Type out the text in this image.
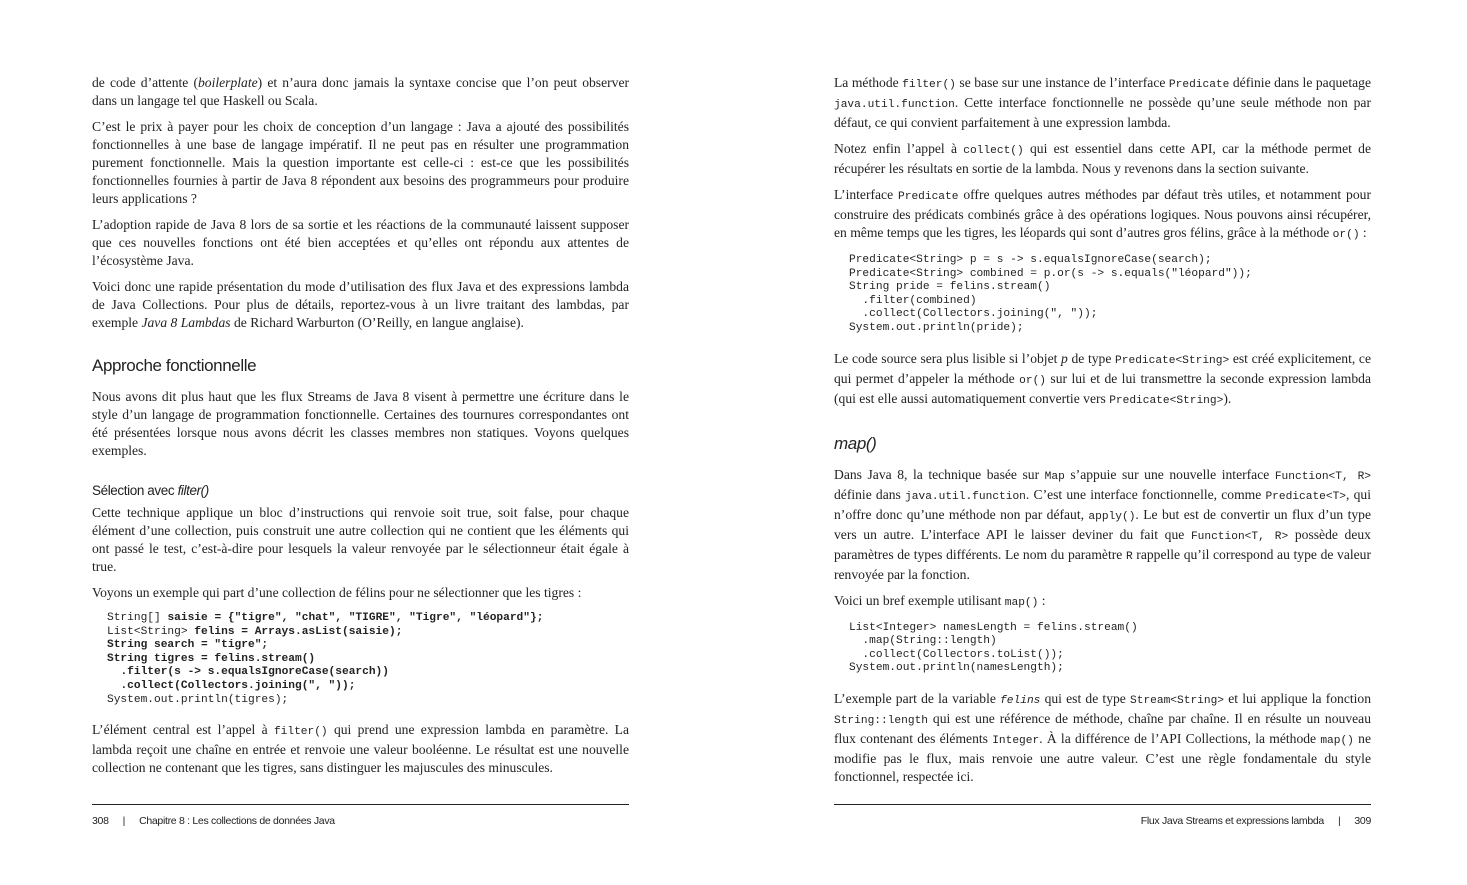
de code d’attente (boilerplate) et n’aura donc jamais la syntaxe concise que l’on peut observer dans un langage tel que Haskell ou Scala.

C’est le prix à payer pour les choix de conception d’un langage : Java a ajouté des possibilités fonctionnelles à une base de langage impératif. Il ne peut pas en résulter une programmation purement fonctionnelle. Mais la question importante est celle-ci : est-ce que les possibilités fonctionnelles fournies à partir de Java 8 répondent aux besoins des programmeurs pour produire leurs applications ?

L’adoption rapide de Java 8 lors de sa sortie et les réactions de la communauté laissent supposer que ces nouvelles fonctions ont été bien acceptées et qu’elles ont répondu aux attentes de l’écosystème Java.

Voici donc une rapide présentation du mode d’utilisation des flux Java et des expressions lambda de Java Collections. Pour plus de détails, reportez-vous à un livre traitant des lambdas, par exemple Java 8 Lambdas de Richard Warburton (O’Reilly, en langue anglaise).

Approche fonctionnelle

Nous avons dit plus haut que les flux Streams de Java 8 visent à permettre une écriture dans le style d’un langage de programmation fonctionnelle. Certaines des tournures correspondantes ont été présentées lorsque nous avons décrit les classes membres non statiques. Voyons quelques exemples.

Sélection avec filter()

Cette technique applique un bloc d’instructions qui renvoie soit true, soit false, pour chaque élément d’une collection, puis construit une autre collection qui ne contient que les éléments qui ont passé le test, c’est-à-dire pour lesquels la valeur renvoyée par le sélectionneur était égale à true.

Voyons un exemple qui part d’une collection de félins pour ne sélectionner que les tigres :

String[] saisie = {"tigre", "chat", "TIGRE", "Tigre", "léopard"};
List<String> felins = Arrays.asList(saisie);
String search = "tigre";
String tigres = felins.stream()
.filter(s -> s.equalsIgnoreCase(search))
.collect(Collectors.joining(", "));
System.out.println(tigres);

L’élément central est l’appel à filter() qui prend une expression lambda en paramètre. La lambda reçoit une chaîne en entrée et renvoie une valeur booléenne. Le résultat est une nouvelle collection ne contenant que les tigres, sans distinguer les majuscules des minuscules.

308 | Chapitre 8 : Les collections de données Java

La méthode filter() se base sur une instance de l’interface Predicate définie dans le paquetage java.util.function. Cette interface fonctionnelle ne possède qu’une seule méthode non par défaut, ce qui convient parfaitement à une expression lambda.

Notez enfin l’appel à collect() qui est essentiel dans cette API, car la méthode permet de récupérer les résultats en sortie de la lambda. Nous y revenons dans la section suivante.

L’interface Predicate offre quelques autres méthodes par défaut très utiles, et notamment pour construire des prédicats combinés grâce à des opérations logiques. Nous pouvons ainsi récupérer, en même temps que les tigres, les léopards qui sont d’autres gros félins, grâce à la méthode or() :

Predicate<String> p = s -> s.equalsIgnoreCase(search);
Predicate<String> combined = p.or(s -> s.equals("léopard"));
String pride = felins.stream()
.filter(combined)
.collect(Collectors.joining(", "));
System.out.println(pride);

Le code source sera plus lisible si l’objet p de type Predicate<String> est créé explicitement, ce qui permet d’appeler la méthode or() sur lui et de lui transmettre la seconde expression lambda (qui est elle aussi automatiquement convertie vers Predicate<String>).

map()

Dans Java 8, la technique basée sur Map s’appuie sur une nouvelle interface Function<T, R> définie dans java.util.function. C’est une interface fonctionnelle, comme Predicate<T>, qui n’offre donc qu’une méthode non par défaut, apply(). Le but est de convertir un flux d’un type vers un autre. L’interface API le laisser deviner du fait que Function<T, R> possède deux paramètres de types différents. Le nom du paramètre R rappelle qu’il correspond au type de valeur renvoyée par la fonction.

Voici un bref exemple utilisant map() :

List<Integer> namesLength = felins.stream()
.map(String::length)
.collect(Collectors.toList());
System.out.println(namesLength);

L’exemple part de la variable felins qui est de type Stream<String> et lui applique la fonction String::length qui est une référence de méthode, chaîne par chaîne. Il en résulte un nouveau flux contenant des éléments Integer. À la différence de l’API Collections, la méthode map() ne modifie pas le flux, mais renvoie une autre valeur. C’est une règle fondamentale du style fonctionnel, respectée ici.

Flux Java Streams et expressions lambda | 309
